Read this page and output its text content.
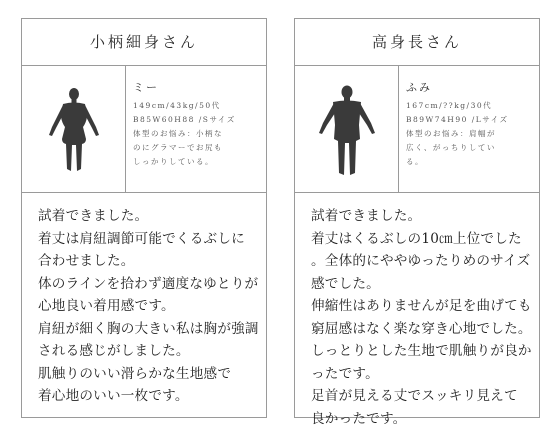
小柄細身さん
ミー
149cm/43kg/50代
B85W60H88 /Sサイズ
体型のお悩み：小柄な
のにグラマーでお尻も
しっかりしている。
試着できました。
着丈は肩紐調節可能でくるぶしに
合わせました。
体のラインを拾わず適度なゆとりが
心地良い着用感です。
肩紐が細く胸の大きい私は胸が強調
される感じがしました。
肌触りのいい滑らかな生地感で
着心地のいい一枚です。
高身長さん
ふみ
167cm/??kg/30代
B89W74H90 /Lサイズ
体型のお悩み：肩幅が
広く、がっちりしてい
る。
試着できました。
着丈はくるぶしの10㎝上位でした
。全体的にややゆったりめのサイズ
感でした。
伸縮性はありませんが足を曲げても
窮屈感はなく楽な穿き心地でした。
しっとりとした生地で肌触りが良か
ったです。
足首が見える丈でスッキリ見えて
良かったです。
